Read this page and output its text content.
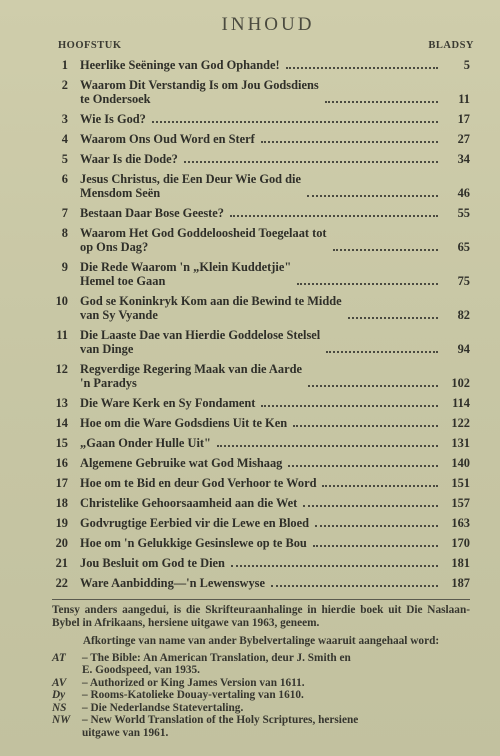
INHOUD
HOOFSTUK	BLADSY
1 Heerlike Seëninge van God Ophande!	5
2 Waarom Dit Verstandig Is om Jou Godsdiens
te Ondersoek	11
3 Wie Is God?	17
4 Waarom Ons Oud Word en Sterf	27
5 Waar Is die Dode?	34
6 Jesus Christus, die Een Deur Wie God die
Mensdom Seën	46
7 Bestaan Daar Bose Geeste?	55
8 Waarom Het God Goddeloosheid Toegelaat tot
op Ons Dag?	65
9 Die Rede Waarom 'n „Klein Kuddetjie"
Hemel toe Gaan	75
10 God se Koninkryk Kom aan die Bewind te Midde
van Sy Vyande	82
11 Die Laaste Dae van Hierdie Goddelose Stelsel
van Dinge	94
12 Regverdige Regering Maak van die Aarde
'n Paradys	102
13 Die Ware Kerk en Sy Fondament	114
14 Hoe om die Ware Godsdiens Uit te Ken	122
15 „Gaan Onder Hulle Uit"	131
16 Algemene Gebruike wat God Mishaag	140
17 Hoe om te Bid en deur God Verhoor te Word	151
18 Christelike Gehoorsaamheid aan die Wet	157
19 Godvrugtige Eerbied vir die Lewe en Bloed	163
20 Hoe om 'n Gelukkige Gesinslewe op te Bou	170
21 Jou Besluit om God te Dien	181
22 Ware Aanbidding—'n Lewenswyse	187

Tensy anders aangedui, is die Skrifteuraanhalinge in hierdie boek uit Die Naslaan-Bybel in Afrikaans, hersiene uitgawe van 1963, geneem.

Afkortinge van name van ander Bybelvertalinge waaruit aangehaal word:

AT	– The Bible: An American Translation, deur J. Smith en
E. Goodspeed, van 1935.
AV	– Authorized or King James Version van 1611.
Dy	– Rooms-Katolieke Douay-vertaling van 1610.
NS	– Die Nederlandse Statevertaling.
NW	– New World Translation of the Holy Scriptures, hersiene
uitgawe van 1961.
